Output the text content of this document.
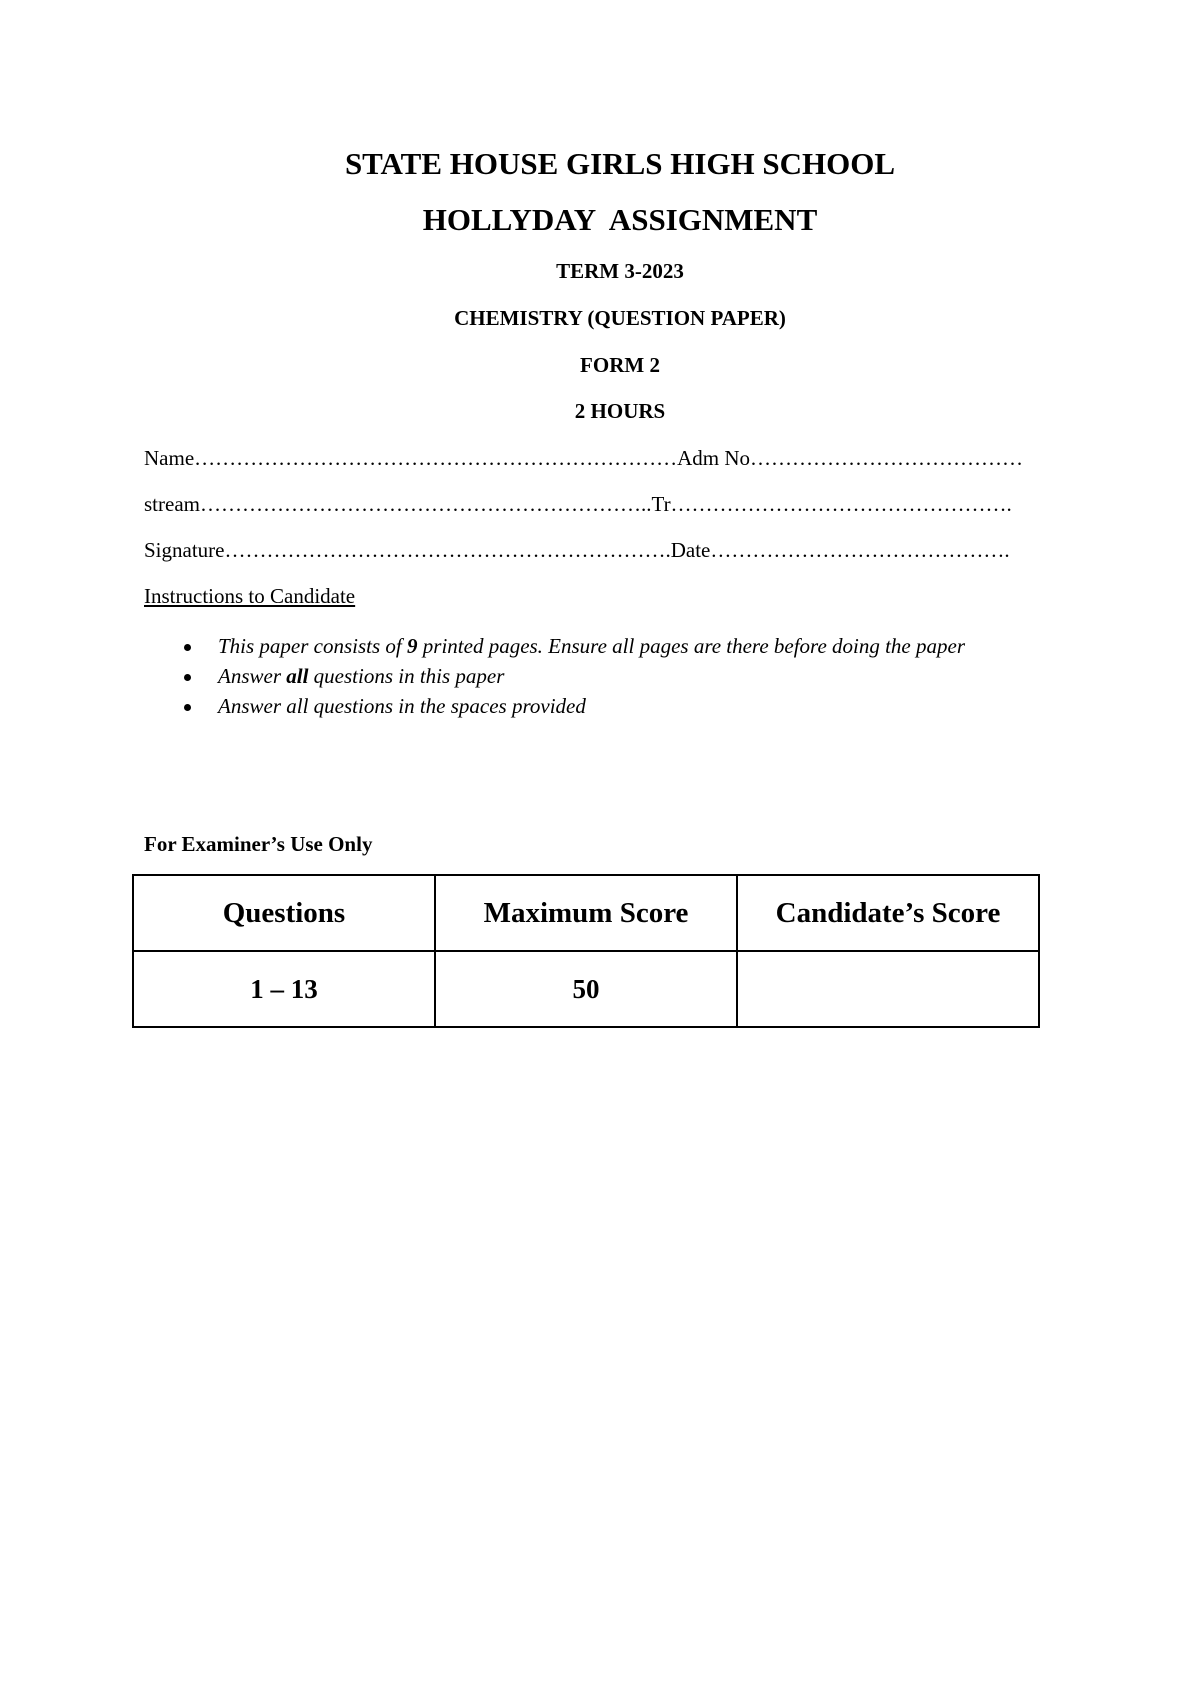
STATE HOUSE GIRLS HIGH SCHOOL
HOLLYDAY  ASSIGNMENT
TERM 3-2023
CHEMISTRY (QUESTION PAPER)
FORM 2
2 HOURS
Name……………………………………………………………Adm No…………………………………
stream………………………………………………………..Tr………………………………………….
Signature……………………………………………………….Date…………………………………….
Instructions to Candidate
This paper consists of 9 printed pages. Ensure all pages are there before doing the paper
Answer all questions in this paper
Answer all questions in the spaces provided
For Examiner’s Use Only
Questions	Maximum Score	Candidate’s Score
1 – 13	50	
